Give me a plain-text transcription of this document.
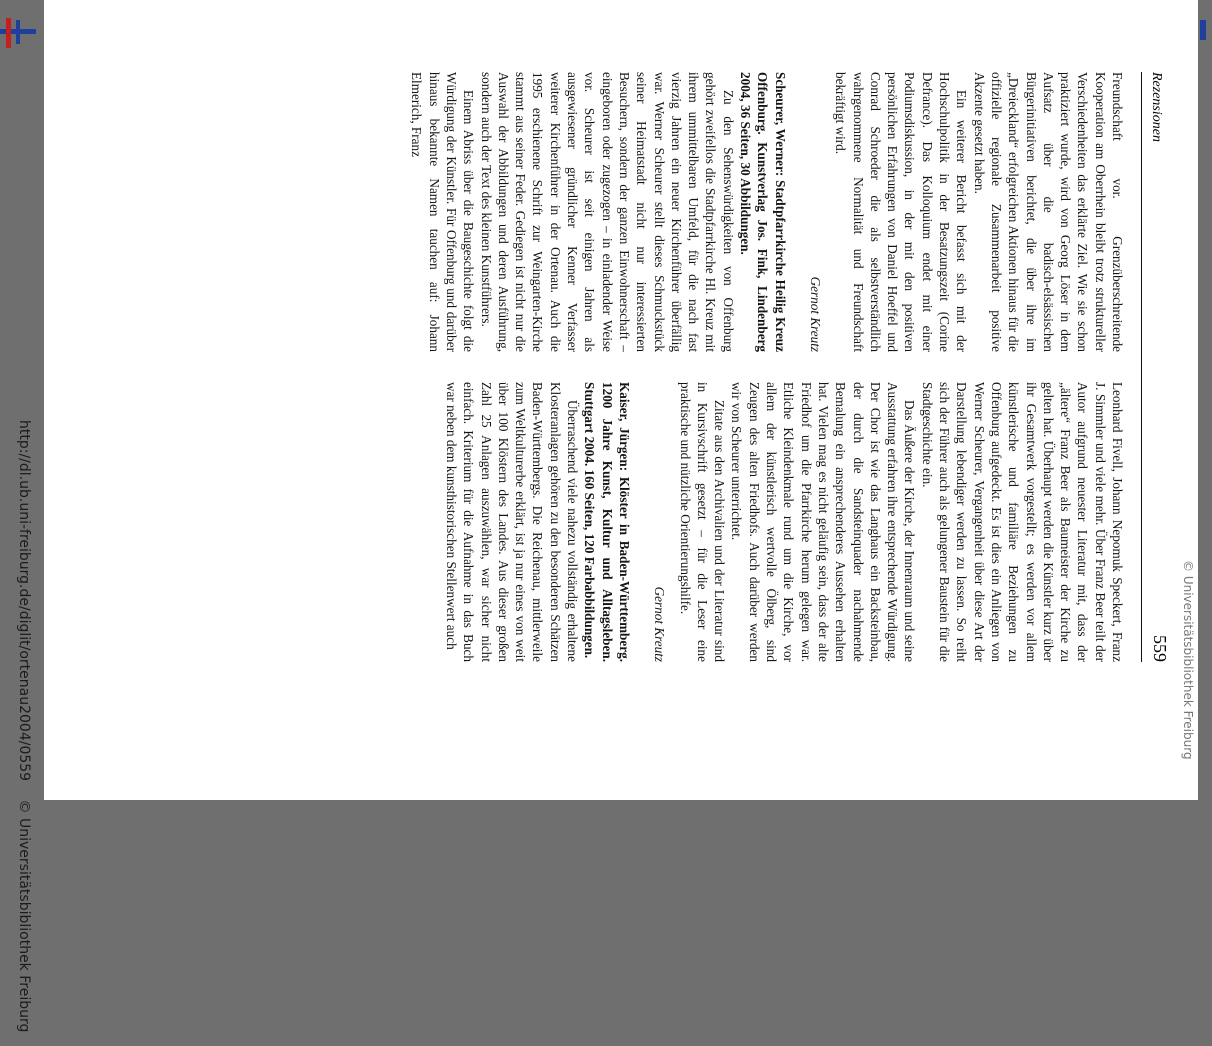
http://dl.ub.uni-freiburg.de/diglit/ortenau2004/0559 © Universitätsbibliothek Freiburg
Rezensionen
559

Freundschaft vor. Grenzüberschreitende Kooperation am Oberrhein bleibt trotz struktureller Verschiedenheiten das erklärte Ziel. Wie sie schon praktiziert wurde, wird von Georg Löser in dem Aufsatz über die badisch-elsässischen Bürgerinitiativen berichtet, die über ihre im „Dreieckland“ erfolgreichen Aktionen hinaus für die offizielle regionale Zusammenarbeit positive Akzente gesetzt haben.

Ein weiterer Bericht befasst sich mit der Hochschulpolitik in der Besatzungszeit (Corine Defrance). Das Kolloquium endet mit einer Podiumsdiskussion, in der mit den positiven persönlichen Erfahrungen von Daniel Hoeffel und Conrad Schroeder die als selbstverständlich wahrgenommene Normalität und Freundschaft bekräftigt wird.

Gernot Kreutz

Scheurer, Werner: Stadtpfarrkirche Heilig Kreuz Offenburg. Kunstverlag Jos. Fink, Lindenberg 2004, 36 Seiten, 30 Abbildungen.

Zu den Sehenswürdigkeiten von Offenburg gehört zweifellos die Stadtpfarrkirche Hl. Kreuz mit ihrem ummittelbaren Umfeld, für die nach fast vierzig Jahren ein neuer Kirchenführer überfällig war. Werner Scheurer stellt dieses Schmuckstück seiner Heimatstadt nicht nur interessierten Besuchern, sondern der ganzen Einwohnerschaft – eingeboren oder zugezogen – in einladender Weise vor. Scheurer ist seit einigen Jahren als ausgewiesener gründlicher Kenner Verfasser weiterer Kirchenführer in der Ortenau. Auch die 1995 erschienene Schrift zur Weingarten-Kirche stammt aus seiner Feder. Gediegen ist nicht nur die Auswahl der Abbildungen und deren Ausführung, sondern auch der Text des kleinen Kunstführers.

Einem Abriss über die Baugeschichte folgt die Würdigung der Künstler. Für Offenburg und darüber hinaus bekannte Namen tauchen auf: Johann Elmerich, Franz

Leonhard Fivell, Johann Nepomuk Speckert, Franz J. Simmler und viele mehr. Über Franz Beer teilt der Autor aufgrund neuester Literatur mit, dass der „ältere“ Franz Beer als Baumeister der Kirche zu gelten hat. Überhaupt werden die Künstler kurz über ihr Gesamtwerk vorgestellt; es werden vor allem künstlerische und familiäre Beziehungen zu Offenburg aufgedeckt. Es ist dies ein Anliegen von Werner Scheurer, Vergangenheit über diese Art der Darstellung lebendiger werden zu lassen. So reiht sich der Führer auch als gelungener Baustein für die Stadtgeschichte ein.

Das Äußere der Kirche, der Innenraum und seine Ausstattung erfahren ihre entsprechende Würdigung. Der Chor ist wie das Langhaus ein Backsteinbau, der durch die Sandsteinquader nachahmende Bemalung ein ansprechenderes Aussehen erhalten hat. Vielen mag es nicht geläufig sein, dass der alte Friedhof um die Pfarrkirche herum gelegen war. Etliche Kleindenkmale rund um die Kirche, vor allem der künstlerisch wertvolle Ölberg, sind Zeugen des alten Friedhofs. Auch darüber werden wir von Scheurer unterrichtet.

Zitate aus den Archivalien und der Literatur sind in Kursivschrift gesetzt – für die Leser eine praktische und nützliche Orientierungshilfe.

Gernot Kreutz

Kaiser, Jürgen: Klöster in Baden-Württemberg. 1200 Jahre Kunst, Kultur und Alltagsleben. Stuttgart 2004. 160 Seiten, 120 Farbabbildungen.

Überraschend viele nahezu vollständig erhaltene Klosteranlagen gehören zu den besonderen Schätzen Baden-Württembergs. Die Reichenau, mittlerweile zum Weltkulturerbe erklärt, ist ja nur eines von weit über 100 Klöstern des Landes. Aus dieser großen Zahl 25 Anlagen auszuwählen, war sicher nicht einfach. Kriterium für die Aufnahme in das Buch war neben dem kunsthistorischen Stellenwert auch

© Universitätsbibliothek Freiburg
